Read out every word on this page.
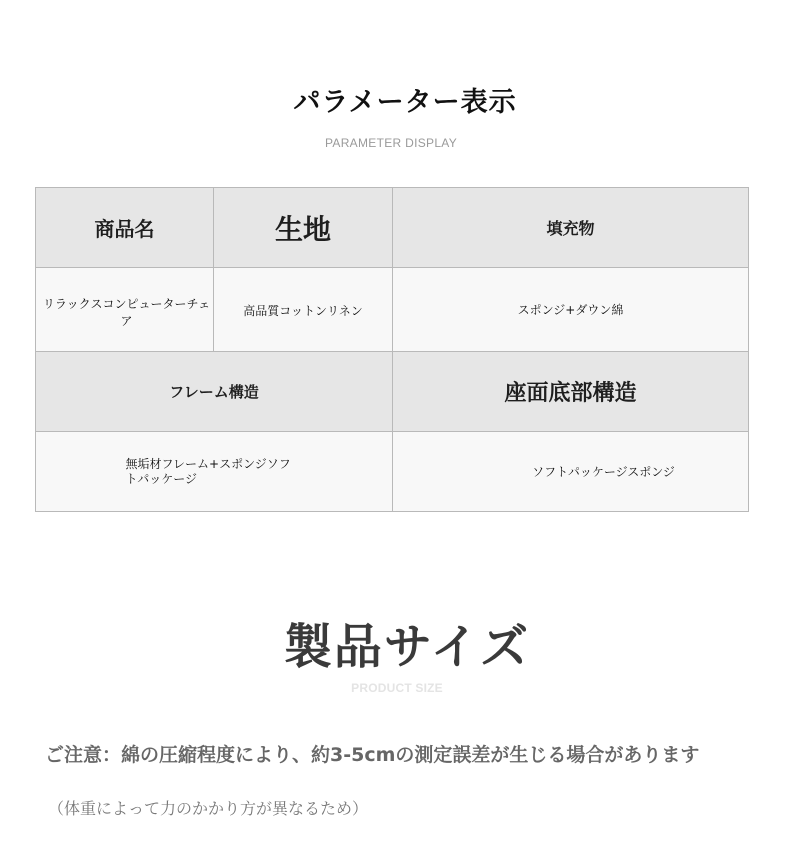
パラメーター表示
PARAMETER DISPLAY
商品名	生地	填充物
リラックスコンピューターチェア	高品質コットンリネン	スポンジ+ダウン綿
フレーム構造		座面底部構造
無垢材フレーム+スポンジソフトパッケージ		ソフトパッケージスポンジ
製品サイズ
PRODUCT SIZE

ご注意：綿の圧縮程度により、約3-5cmの測定誤差が生じる場合があります

（体重によって力のかかり方が異なるため）
